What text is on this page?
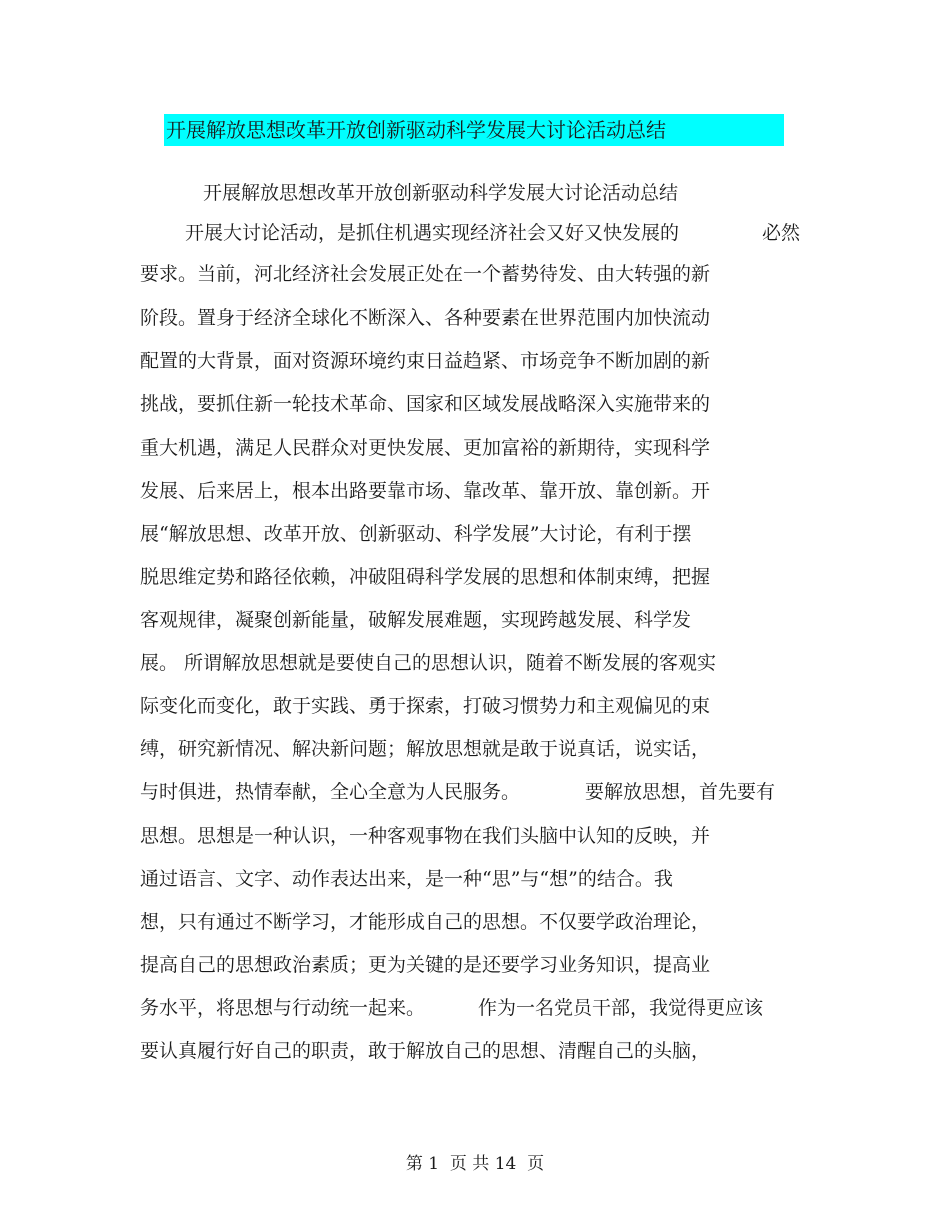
开展解放思想改革开放创新驱动科学发展大讨论活动总结
开展解放思想改革开放创新驱动科学发展大讨论活动总结
开展大讨论活动，是抓住机遇实现经济社会又好又快发展的	必然
要求。当前，河北经济社会发展正处在一个蓄势待发、由大转强的新
阶段。置身于经济全球化不断深入、各种要素在世界范围内加快流动
配置的大背景，面对资源环境约束日益趋紧、市场竞争不断加剧的新
挑战，要抓住新一轮技术革命、国家和区域发展战略深入实施带来的
重大机遇，满足人民群众对更快发展、更加富裕的新期待，实现科学
发展、后来居上，根本出路要靠市场、靠改革、靠开放、靠创新。开
展“解放思想、改革开放、创新驱动、科学发展”大讨论，有利于摆
脱思维定势和路径依赖，冲破阻碍科学发展的思想和体制束缚，把握
客观规律，凝聚创新能量，破解发展难题，实现跨越发展、科学发
展。 所谓解放思想就是要使自己的思想认识，随着不断发展的客观实
际变化而变化，敢于实践、勇于探索，打破习惯势力和主观偏见的束
缚，研究新情况、解决新问题；解放思想就是敢于说真话，说实话，
与时俱进，热情奉献，全心全意为人民服务。	要解放思想，首先要有
思想。思想是一种认识，一种客观事物在我们头脑中认知的反映，并
通过语言、文字、动作表达出来，是一种“思”与“想”的结合。我
想，只有通过不断学习，才能形成自己的思想。不仅要学政治理论，
提高自己的思想政治素质；更为关键的是还要学习业务知识，提高业
务水平，将思想与行动统一起来。	作为一名党员干部，我觉得更应该
要认真履行好自己的职责，敢于解放自己的思想、清醒自己的头脑，
第 1  页 共 14  页
